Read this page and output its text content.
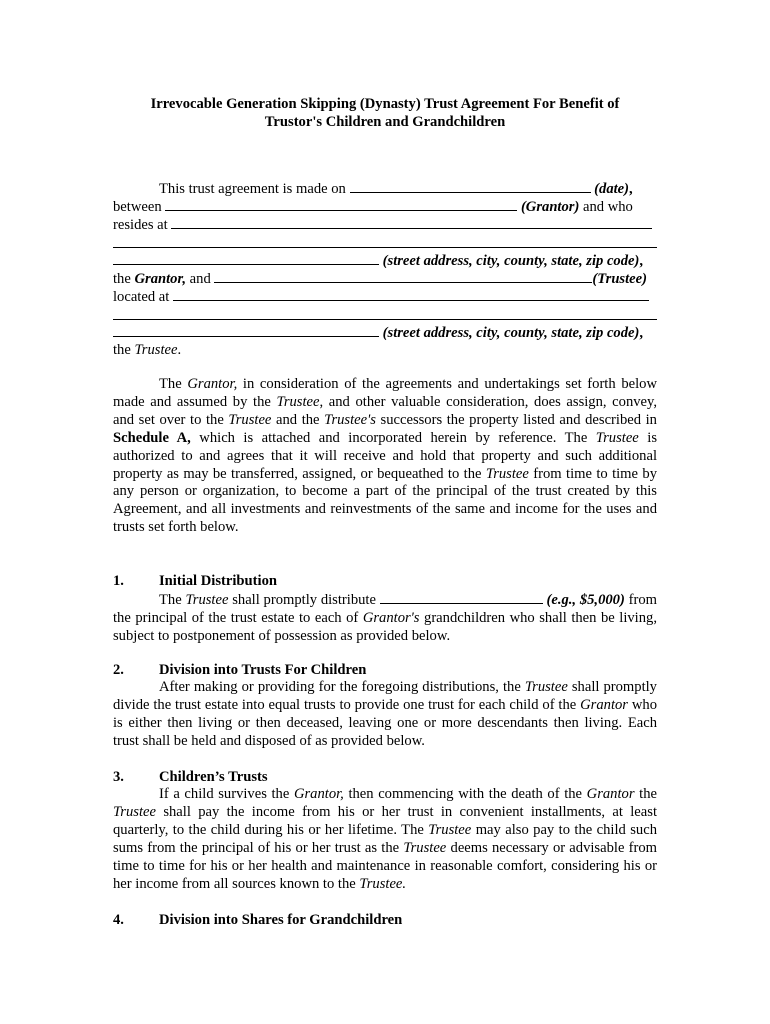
Irrevocable Generation Skipping (Dynasty) Trust Agreement For Benefit of
Trustor's Children and Grandchildren
This trust agreement is made on	(date),
between	(Grantor) and who
resides at
(street address, city, county, state, zip code),
the Grantor, and	(Trustee)
located at
(street address, city, county, state, zip code),
the Trustee.
The Grantor, in consideration of the agreements and undertakings set forth below made and assumed by the Trustee, and other valuable consideration, does assign, convey, and set over to the Trustee and the Trustee's successors the property listed and described in Schedule A, which is attached and incorporated herein by reference. The Trustee is authorized to and agrees that it will receive and hold that property and such additional property as may be transferred, assigned, or bequeathed to the Trustee from time to time by any person or organization, to become a part of the principal of the trust created by this Agreement, and all investments and reinvestments of the same and income for the uses and trusts set forth below.
1. Initial Distribution
The Trustee shall promptly distribute	(e.g., $5,000) from the principal of the trust estate to each of Grantor's grandchildren who shall then be living, subject to postponement of possession as provided below.
2. Division into Trusts For Children
After making or providing for the foregoing distributions, the Trustee shall promptly divide the trust estate into equal trusts to provide one trust for each child of the Grantor who is either then living or then deceased, leaving one or more descendants then living. Each trust shall be held and disposed of as provided below.
3. Children’s Trusts
If a child survives the Grantor, then commencing with the death of the Grantor the Trustee shall pay the income from his or her trust in convenient installments, at least quarterly, to the child during his or her lifetime. The Trustee may also pay to the child such sums from the principal of his or her trust as the Trustee deems necessary or advisable from time to time for his or her health and maintenance in reasonable comfort, considering his or her income from all sources known to the Trustee.
4. Division into Shares for Grandchildren
